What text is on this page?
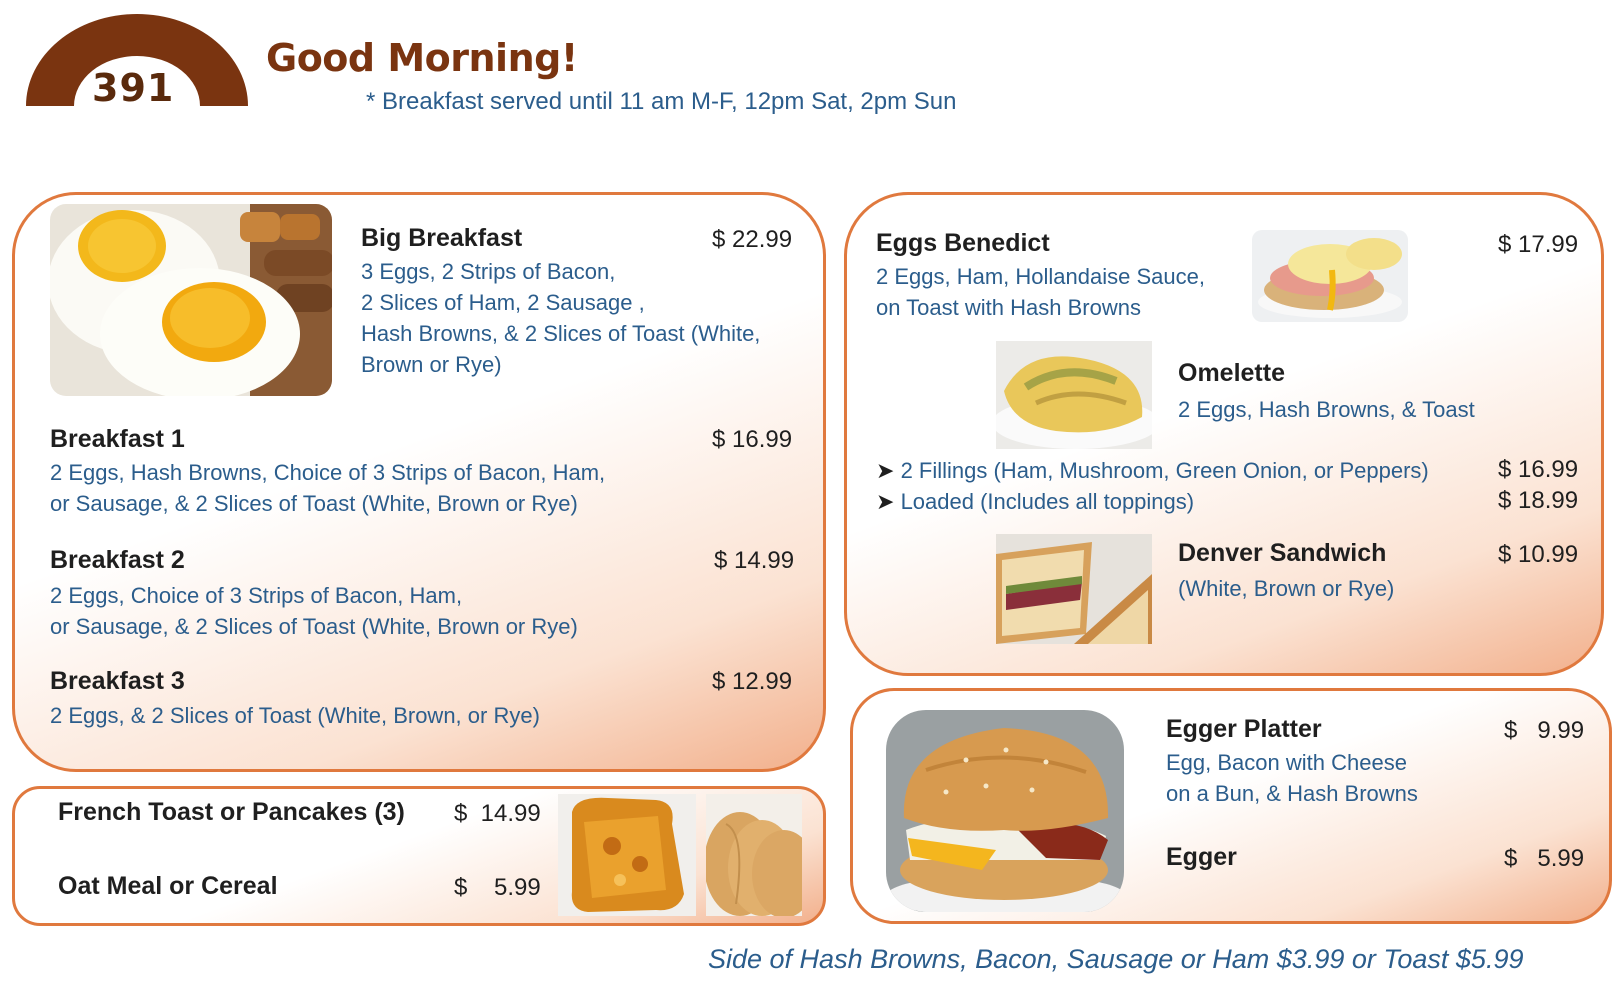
391
Good Morning!
* Breakfast served until 11 am M-F, 12pm Sat, 2pm Sun
Big Breakfast	$ 22.99
3 Eggs, 2 Strips of Bacon,
2 Slices of Ham, 2 Sausage ,
Hash Browns, & 2 Slices of Toast (White,
Brown or Rye)
Breakfast 1	$ 16.99
2 Eggs, Hash Browns, Choice of 3 Strips of Bacon, Ham,
or Sausage, & 2 Slices of Toast (White, Brown or Rye)
Breakfast 2	$ 14.99
2 Eggs, Choice of 3 Strips of Bacon, Ham,
or Sausage, & 2 Slices of Toast (White, Brown or Rye)
Breakfast 3	$ 12.99
2 Eggs, & 2 Slices of Toast (White, Brown, or Rye)
French Toast or Pancakes (3) $  14.99
Oat Meal or Cereal	$    5.99
Eggs Benedict	$ 17.99
2 Eggs, Ham, Hollandaise Sauce,
on Toast with Hash Browns
Omelette
2 Eggs, Hash Browns, & Toast
➤ 2 Fillings (Ham, Mushroom, Green Onion, or Peppers)	$ 16.99
➤ Loaded (Includes all toppings)	$ 18.99
Denver Sandwich	$ 10.99
(White, Brown or Rye)
Egger Platter	$   9.99
Egg, Bacon with Cheese
on a Bun, & Hash Browns
Egger	$   5.99
Side of Hash Browns, Bacon, Sausage or Ham $3.99 or Toast $5.99
